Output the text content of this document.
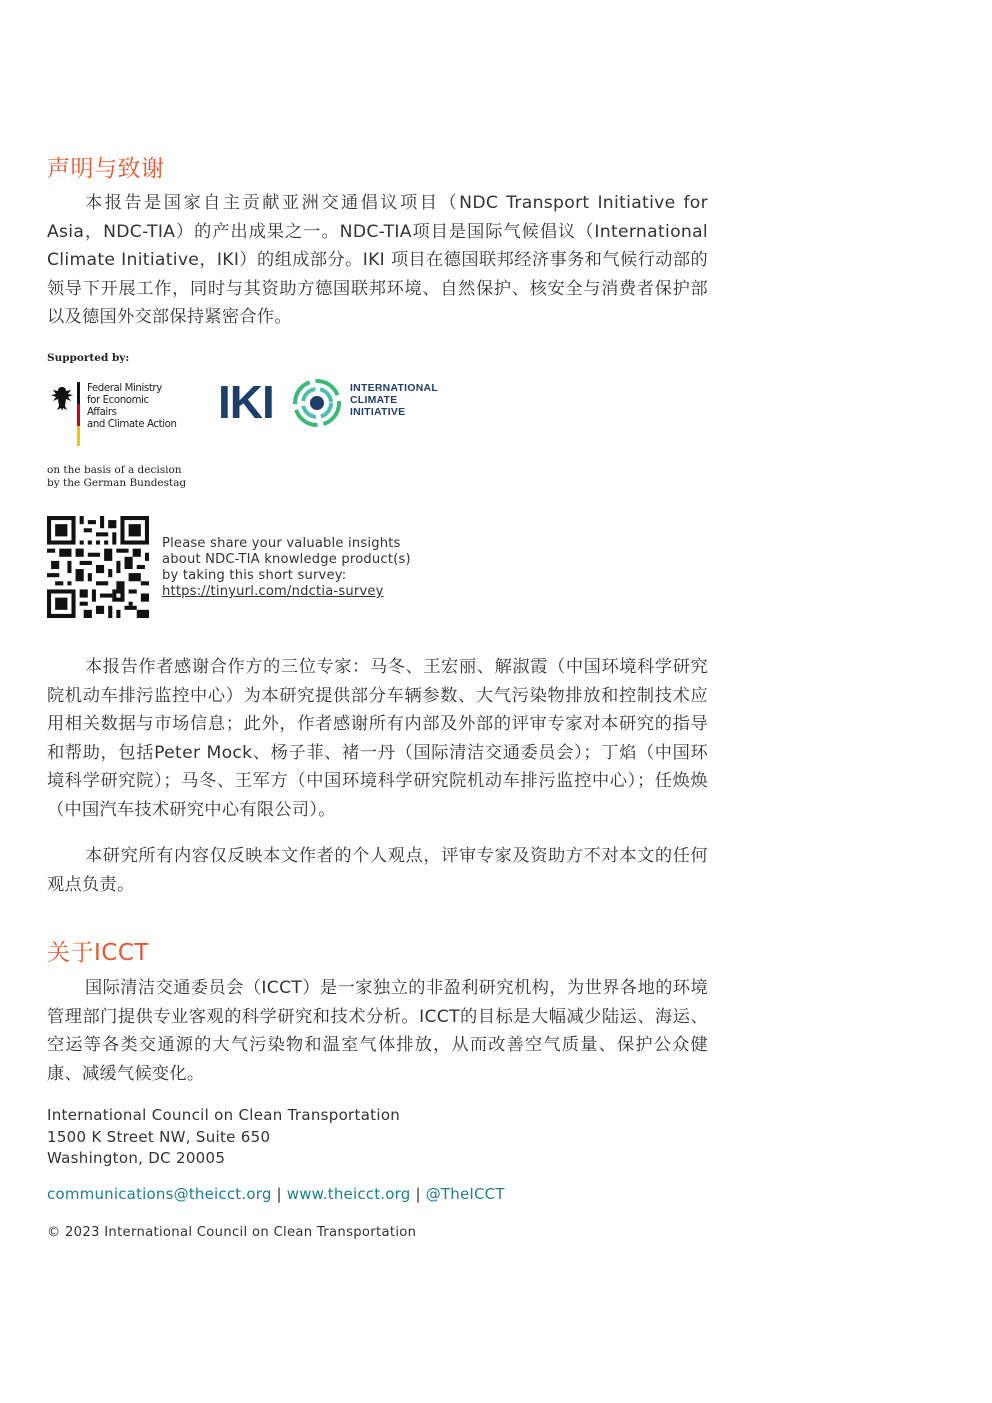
声明与致谢

本报告是国家自主贡献亚洲交通倡议项目（NDC Transport Initiative for Asia，NDC-TIA）的产出成果之一。NDC-TIA项目是国际气候倡议（International Climate Initiative，IKI）的组成部分。IKI 项目在德国联邦经济事务和气候行动部的领导下开展工作，同时与其资助方德国联邦环境、自然保护、核安全与消费者保护部以及德国外交部保持紧密合作。

Supported by:
Federal Ministry
for Economic Affairs
and Climate Action
on the basis of a decision
by the German Bundestag
IKI	INTERNATIONAL
CLIMATE
INITIATIVE
Please share your valuable insights
about NDC-TIA knowledge product(s)
by taking this short survey:
https://tinyurl.com/ndctia-survey

本报告作者感谢合作方的三位专家：马冬、王宏丽、解淑霞（中国环境科学研究院机动车排污监控中心）为本研究提供部分车辆参数、大气污染物排放和控制技术应用相关数据与市场信息；此外，作者感谢所有内部及外部的评审专家对本研究的指导和帮助，包括Peter Mock、杨子菲、褚一丹（国际清洁交通委员会）；丁焰（中国环境科学研究院）；马冬、王军方（中国环境科学研究院机动车排污监控中心）；任焕焕（中国汽车技术研究中心有限公司）。

本研究所有内容仅反映本文作者的个人观点，评审专家及资助方不对本文的任何观点负责。

关于ICCT

国际清洁交通委员会（ICCT）是一家独立的非盈利研究机构，为世界各地的环境管理部门提供专业客观的科学研究和技术分析。ICCT的目标是大幅减少陆运、海运、空运等各类交通源的大气污染物和温室气体排放，从而改善空气质量、保护公众健康、减缓气候变化。

International Council on Clean Transportation
1500 K Street NW, Suite 650
Washington, DC 20005
communications@theicct.org | www.theicct.org | @TheICCT
© 2023 International Council on Clean Transportation
